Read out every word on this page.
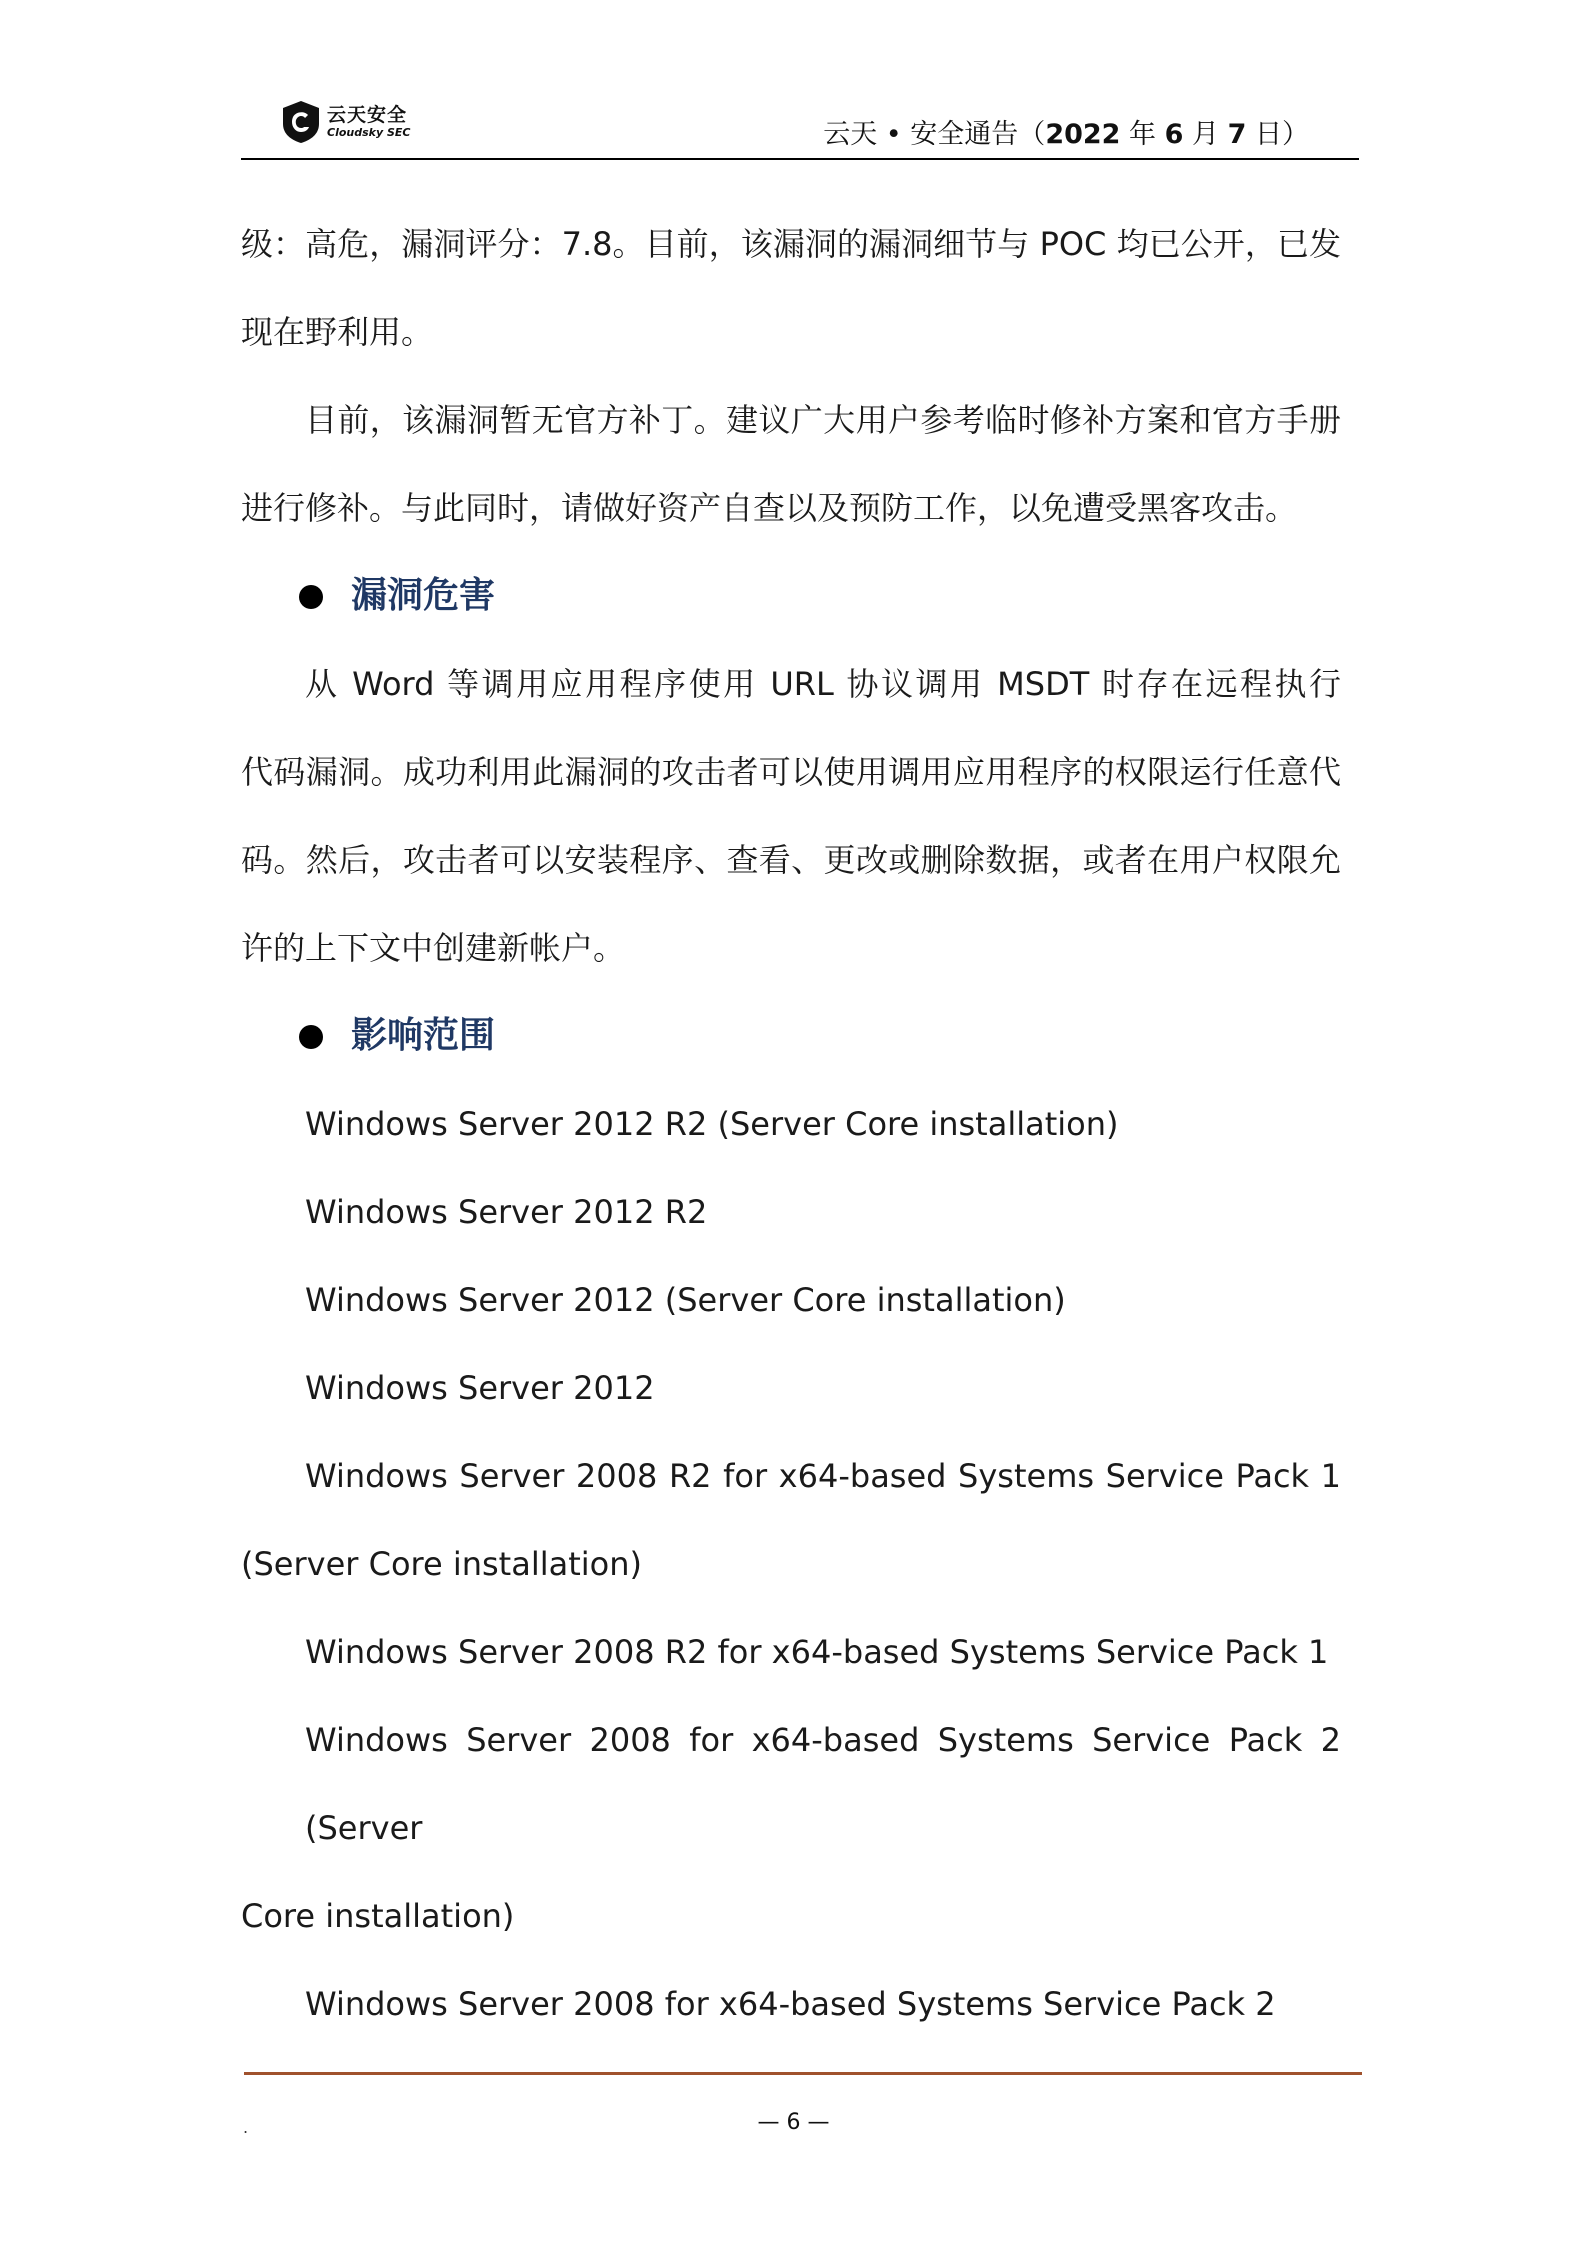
云天安全
Cloudsky SEC	云天 • 安全通告（2022 年 6 月 7 日）

级：高危，漏洞评分：7.8。目前，该漏洞的漏洞细节与 POC 均已公开，已发
现在野利用。

目前，该漏洞暂无官方补丁。建议广大用户参考临时修补方案和官方手册
进行修补。与此同时，请做好资产自查以及预防工作，以免遭受黑客攻击。

漏洞危害

从 Word 等调用应用程序使用 URL 协议调用 MSDT 时存在远程执行
代码漏洞。成功利用此漏洞的攻击者可以使用调用应用程序的权限运行任意代
码。然后，攻击者可以安装程序、查看、更改或删除数据，或者在用户权限允
许的上下文中创建新帐户。

影响范围

Windows Server 2012 R2 (Server Core installation)
Windows Server 2012 R2
Windows Server 2012 (Server Core installation)
Windows Server 2012
Windows Server 2008 R2 for x64-based Systems Service Pack 1
(Server Core installation)
Windows Server 2008 R2 for x64-based Systems Service Pack 1
Windows Server 2008 for x64-based Systems Service Pack 2 (Server
Core installation)
Windows Server 2008 for x64-based Systems Service Pack 2

.	— 6 —
